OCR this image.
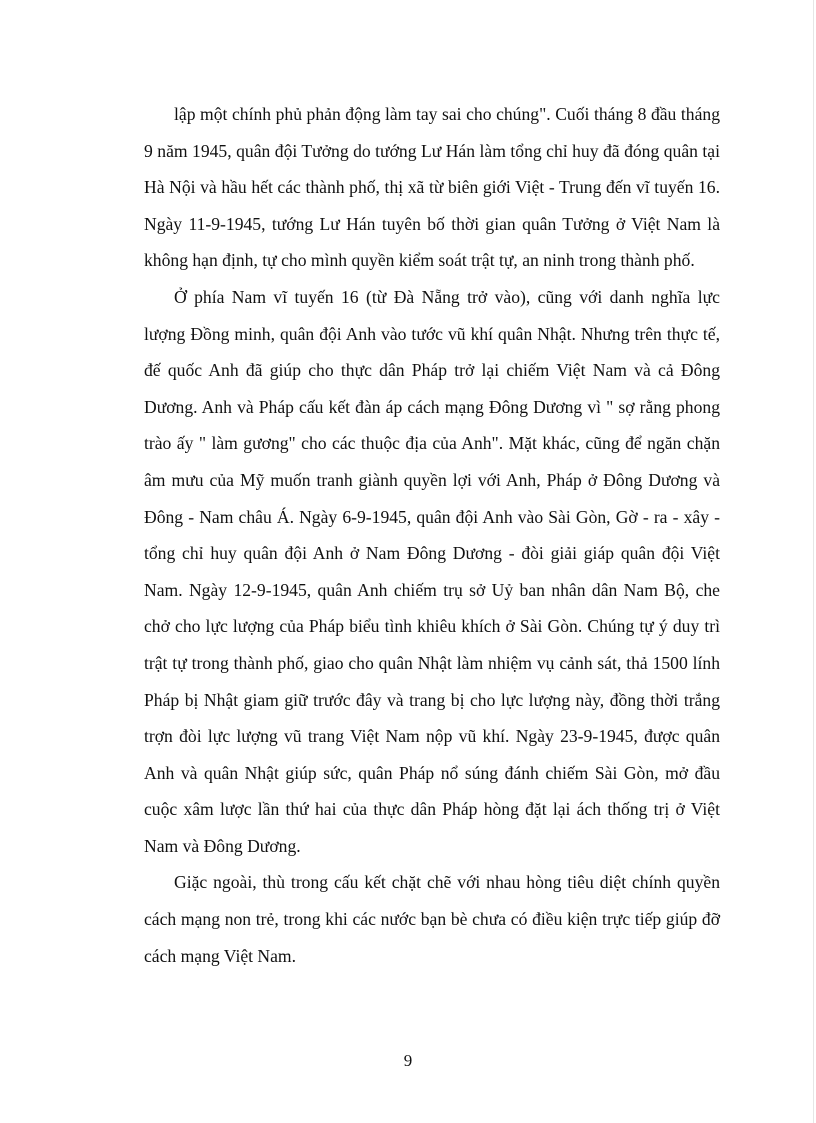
lập một chính phủ phản động làm tay sai cho chúng". Cuối tháng 8 đầu tháng 9 năm 1945, quân đội Tưởng do tướng Lư Hán làm tổng chỉ huy đã đóng quân tại Hà Nội và hầu hết các thành phố, thị xã từ biên giới Việt - Trung đến vĩ tuyến 16. Ngày 11-9-1945, tướng Lư Hán tuyên bố thời gian quân Tưởng ở Việt Nam là không hạn định, tự cho mình quyền kiểm soát trật tự, an ninh trong thành phố.

Ở phía Nam vĩ tuyến 16 (từ Đà Nẵng trở vào), cũng với danh nghĩa lực lượng Đồng minh, quân đội Anh vào tước vũ khí quân Nhật. Nhưng trên thực tế, đế quốc Anh đã giúp cho thực dân Pháp trở lại chiếm Việt Nam và cả Đông Dương. Anh và Pháp cấu kết đàn áp cách mạng Đông Dương vì " sợ rằng phong trào ấy " làm gương" cho các thuộc địa của Anh". Mặt khác, cũng để ngăn chặn âm mưu của Mỹ muốn tranh giành quyền lợi với Anh, Pháp ở Đông Dương và Đông - Nam châu Á. Ngày 6-9-1945, quân đội Anh vào Sài Gòn, Gờ - ra - xây - tổng chỉ huy quân đội Anh ở Nam Đông Dương - đòi giải giáp quân đội Việt Nam. Ngày 12-9-1945, quân Anh chiếm trụ sở Uỷ ban nhân dân Nam Bộ, che chở cho lực lượng của Pháp biểu tình khiêu khích ở Sài Gòn. Chúng tự ý duy trì trật tự trong thành phố, giao cho quân Nhật làm nhiệm vụ cảnh sát, thả 1500 lính Pháp bị Nhật giam giữ trước đây và trang bị cho lực lượng này, đồng thời trắng trợn đòi lực lượng vũ trang Việt Nam nộp vũ khí. Ngày 23-9-1945, được quân Anh và quân Nhật giúp sức, quân Pháp nổ súng đánh chiếm Sài Gòn, mở đầu cuộc xâm lược lần thứ hai của thực dân Pháp hòng đặt lại ách thống trị ở Việt Nam và Đông Dương.

Giặc ngoài, thù trong cấu kết chặt chẽ với nhau hòng tiêu diệt chính quyền cách mạng non trẻ, trong khi các nước bạn bè chưa có điều kiện trực tiếp giúp đỡ cách mạng Việt Nam.

9
